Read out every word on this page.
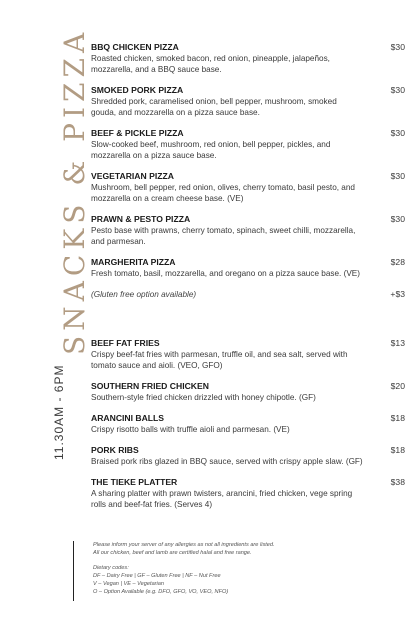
SNACKS & PIZZA
11.30AM - 6PM
BBQ CHICKEN PIZZA
Roasted chicken, smoked bacon, red onion, pineapple, jalapeños, mozzarella, and a BBQ sauce base.
$30
SMOKED PORK PIZZA
Shredded pork, caramelised onion, bell pepper, mushroom, smoked gouda, and mozzarella on a pizza sauce base.
$30
BEEF & PICKLE PIZZA
Slow-cooked beef, mushroom, red onion, bell pepper, pickles, and mozzarella on a pizza sauce base.
$30
VEGETARIAN PIZZA
Mushroom, bell pepper, red onion, olives, cherry tomato, basil pesto, and mozzarella on a cream cheese base. (VE)
$30
PRAWN & PESTO PIZZA
Pesto base with prawns, cherry tomato, spinach, sweet chilli, mozzarella, and parmesan.
$30
MARGHERITA PIZZA
Fresh tomato, basil, mozzarella, and oregano on a pizza sauce base. (VE)
$28
(Gluten free option available)	+$3
BEEF FAT FRIES
Crispy beef-fat fries with parmesan, truffle oil, and sea salt, served with tomato sauce and aioli. (VEO, GFO)
$13
SOUTHERN FRIED CHICKEN
Southern-style fried chicken drizzled with honey chipotle. (GF)
$20
ARANCINI BALLS
Crispy risotto balls with truffle aioli and parmesan. (VE)
$18
PORK RIBS
Braised pork ribs glazed in BBQ sauce, served with crispy apple slaw. (GF)
$18
THE TIEKE PLATTER
A sharing platter with prawn twisters, arancini, fried chicken, vege spring rolls and beef-fat fries. (Serves 4)
$38

Please inform your server of any allergies as not all ingredients are listed.

All our chicken, beef and lamb are certified halal and free range.

Dietary codes:

DF – Dairy Free | GF – Gluten Free | NF – Nut Free

V – Vegan | VE – Vegetarian

O – Option Available (e.g. DFO, GFO, VO, VEO, NFO)
